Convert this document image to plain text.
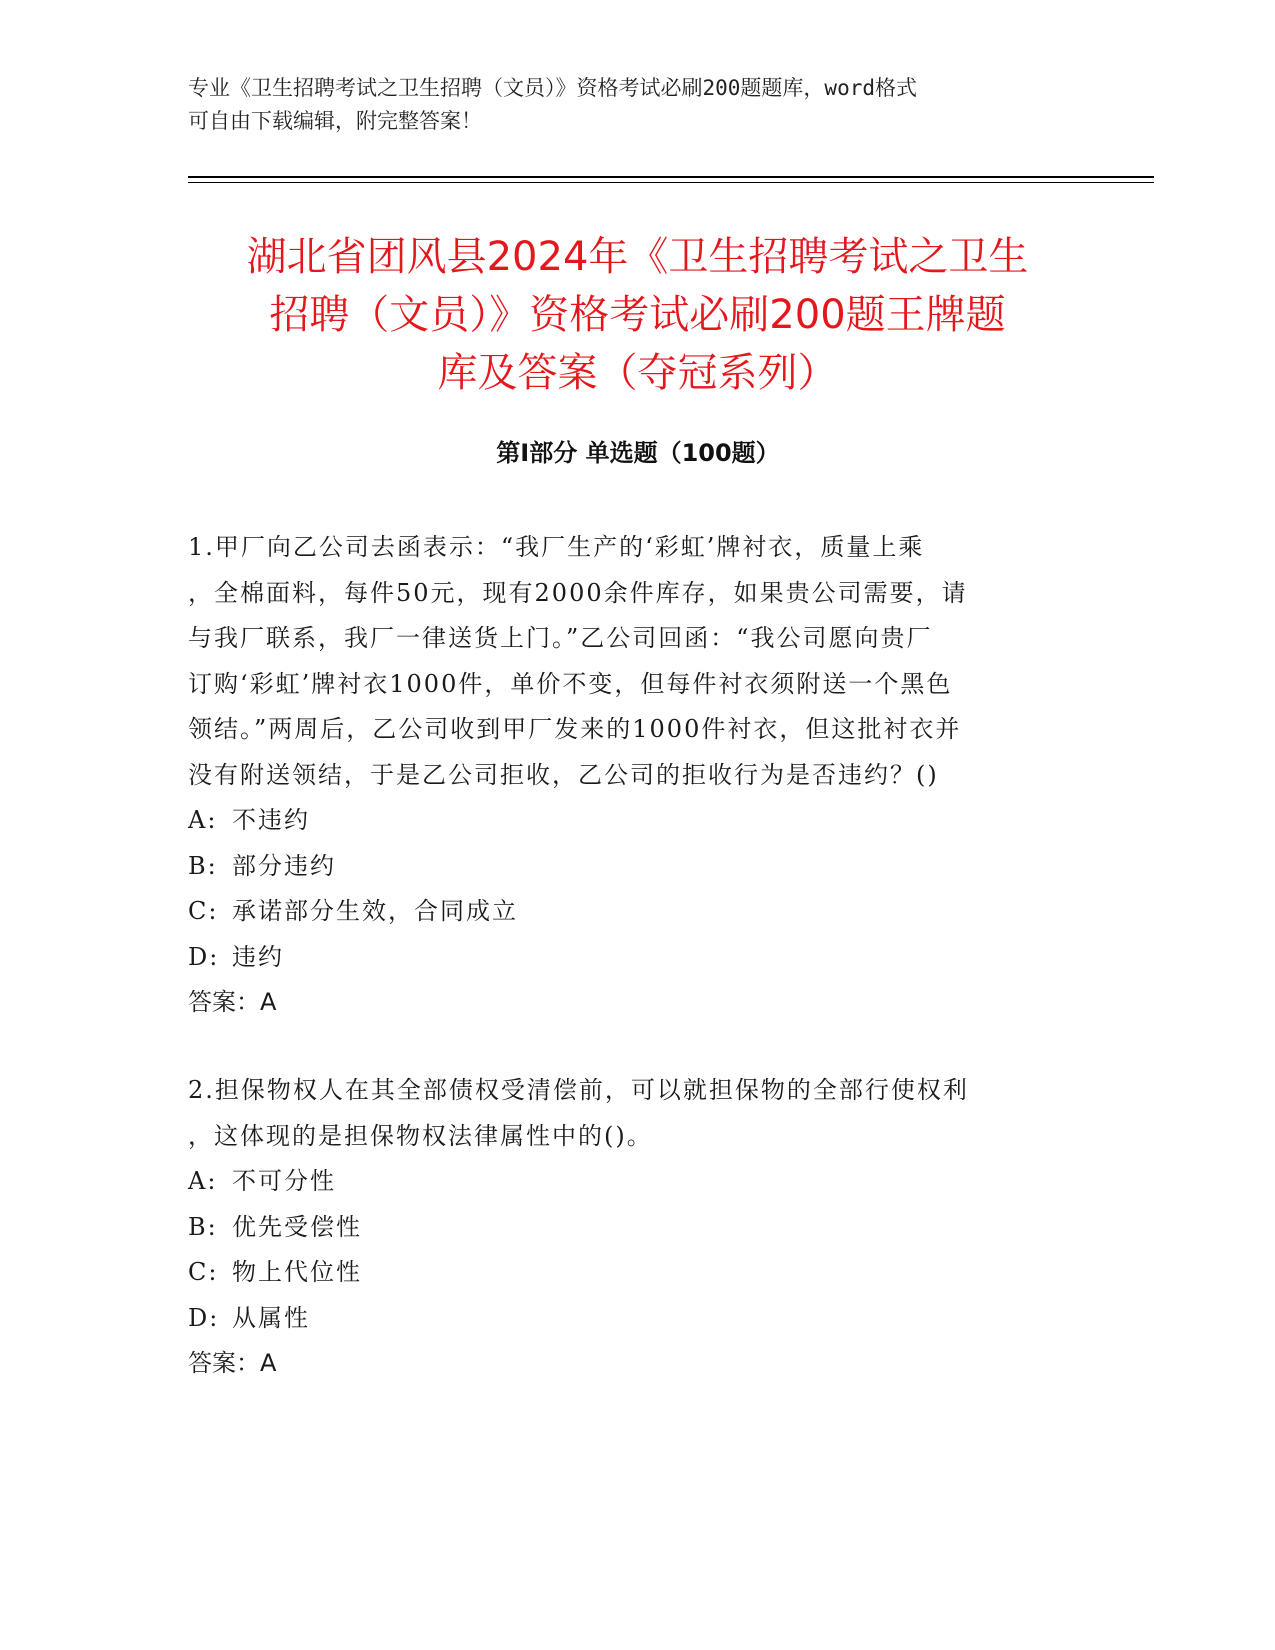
专业《卫生招聘考试之卫生招聘（文员）》资格考试必刷200题题库，word格式
可自由下载编辑，附完整答案！
湖北省团风县2024年《卫生招聘考试之卫生
招聘（文员）》资格考试必刷200题王牌题
库及答案（夺冠系列）
第Ⅰ部分 单选题（100题）

1.甲厂向乙公司去函表示：“我厂生产的‘彩虹’牌衬衣，质量上乘

，全棉面料，每件50元，现有2000余件库存，如果贵公司需要，请

与我厂联系，我厂一律送货上门。”乙公司回函：“我公司愿向贵厂

订购‘彩虹’牌衬衣1000件，单价不变，但每件衬衣须附送一个黑色

领结。”两周后，乙公司收到甲厂发来的1000件衬衣，但这批衬衣并

没有附送领结，于是乙公司拒收，乙公司的拒收行为是否违约？()

A: 不违约

B: 部分违约

C: 承诺部分生效，合同成立

D: 违约

答案：A

2.担保物权人在其全部债权受清偿前，可以就担保物的全部行使权利

，这体现的是担保物权法律属性中的()。

A: 不可分性

B: 优先受偿性

C: 物上代位性

D: 从属性

答案：A
